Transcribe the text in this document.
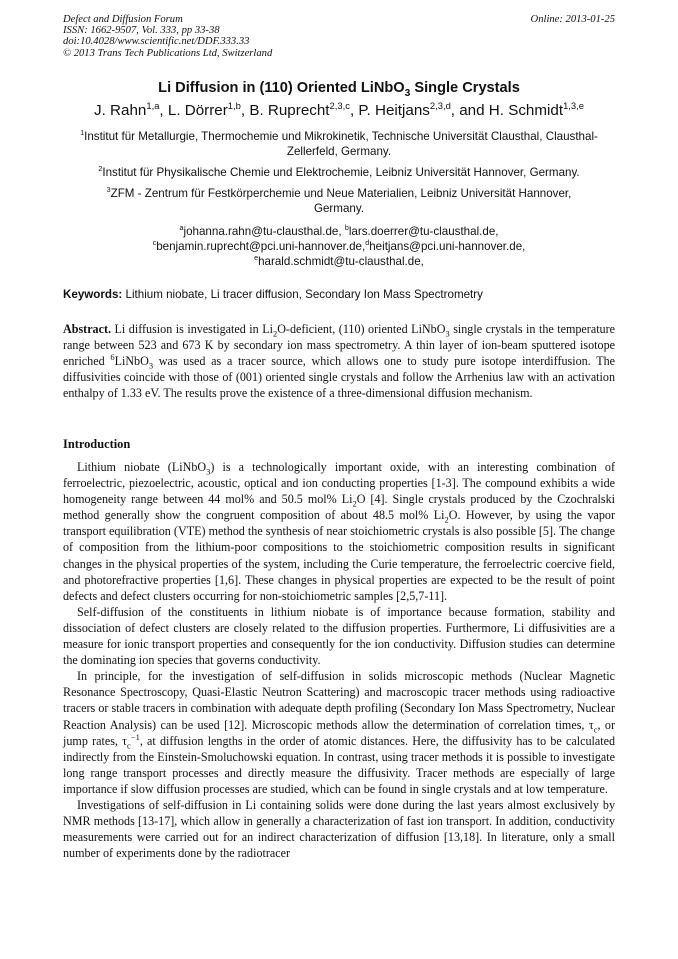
Defect and Diffusion Forum
ISSN: 1662-9507, Vol. 333, pp 33-38
doi:10.4028/www.scientific.net/DDF.333.33
© 2013 Trans Tech Publications Ltd, Switzerland
Online: 2013-01-25
Li Diffusion in (110) Oriented LiNbO$_3$ Single Crystals
J. Rahn$^{1,a}$, L. Dörrer$^{1,b}$, B. Ruprecht$^{2,3,c}$, P. Heitjans$^{2,3,d}$, and H. Schmidt$^{1,3,e}$
$^1$Institut für Metallurgie, Thermochemie und Mikrokinetik, Technische Universität Clausthal, Clausthal-Zellerfeld, Germany.
$^2$Institut für Physikalische Chemie und Elektrochemie, Leibniz Universität Hannover, Germany.
$^3$ZFM - Zentrum für Festkörperchemie und Neue Materialien, Leibniz Universität Hannover, Germany.
$^a$johanna.rahn@tu-clausthal.de, $^b$lars.doerrer@tu-clausthal.de,
$^c$benjamin.ruprecht@pci.uni-hannover.de,$^d$heitjans@pci.uni-hannover.de,
$^e$harald.schmidt@tu-clausthal.de,
Keywords: Lithium niobate, Li tracer diffusion, Secondary Ion Mass Spectrometry

Abstract. Li diffusion is investigated in $Li_2O$-deficient, (110) oriented LiNbO$_3$ single crystals in the temperature range between 523 and 673 K by secondary ion mass spectrometry. A thin layer of ion-beam sputtered isotope enriched $^6$LiNbO$_3$ was used as a tracer source, which allows one to study pure isotope interdiffusion. The diffusivities coincide with those of (001) oriented single crystals and follow the Arrhenius law with an activation enthalpy of 1.33 eV. The results prove the existence of a three-dimensional diffusion mechanism.

Introduction

Lithium niobate (LiNbO$_3$) is a technologically important oxide, with an interesting combination of ferroelectric, piezoelectric, acoustic, optical and ion conducting properties [1-3]. The compound exhibits a wide homogeneity range between 44 mol% and 50.5 mol% $Li_2O$ [4]. Single crystals produced by the Czochralski method generally show the congruent composition of about 48.5 mol% $Li_2O$. However, by using the vapor transport equilibration (VTE) method the synthesis of near stoichiometric crystals is also possible [5]. The change of composition from the lithium-poor compositions to the stoichiometric composition results in significant changes in the physical properties of the system, including the Curie temperature, the ferroelectric coercive field, and photorefractive properties [1,6]. These changes in physical properties are expected to be the result of point defects and defect clusters occurring for non-stoichiometric samples [2,5,7-11].

Self-diffusion of the constituents in lithium niobate is of importance because formation, stability and dissociation of defect clusters are closely related to the diffusion properties. Furthermore, Li diffusivities are a measure for ionic transport properties and consequently for the ion conductivity. Diffusion studies can determine the dominating ion species that governs conductivity.

In principle, for the investigation of self-diffusion in solids microscopic methods (Nuclear Magnetic Resonance Spectroscopy, Quasi-Elastic Neutron Scattering) and macroscopic tracer methods using radioactive tracers or stable tracers in combination with adequate depth profiling (Secondary Ion Mass Spectrometry, Nuclear Reaction Analysis) can be used [12]. Microscopic methods allow the determination of correlation times, $\tau_c$, or jump rates, $\tau_c^{-1}$, at diffusion lengths in the order of atomic distances. Here, the diffusivity has to be calculated indirectly from the Einstein-Smoluchowski equation. In contrast, using tracer methods it is possible to investigate long range transport processes and directly measure the diffusivity. Tracer methods are especially of large importance if slow diffusion processes are studied, which can be found in single crystals and at low temperature.

Investigations of self-diffusion in Li containing solids were done during the last years almost exclusively by NMR methods [13-17], which allow in generally a characterization of fast ion transport. In addition, conductivity measurements were carried out for an indirect characterization of diffusion [13,18]. In literature, only a small number of experiments done by the radiotracer
